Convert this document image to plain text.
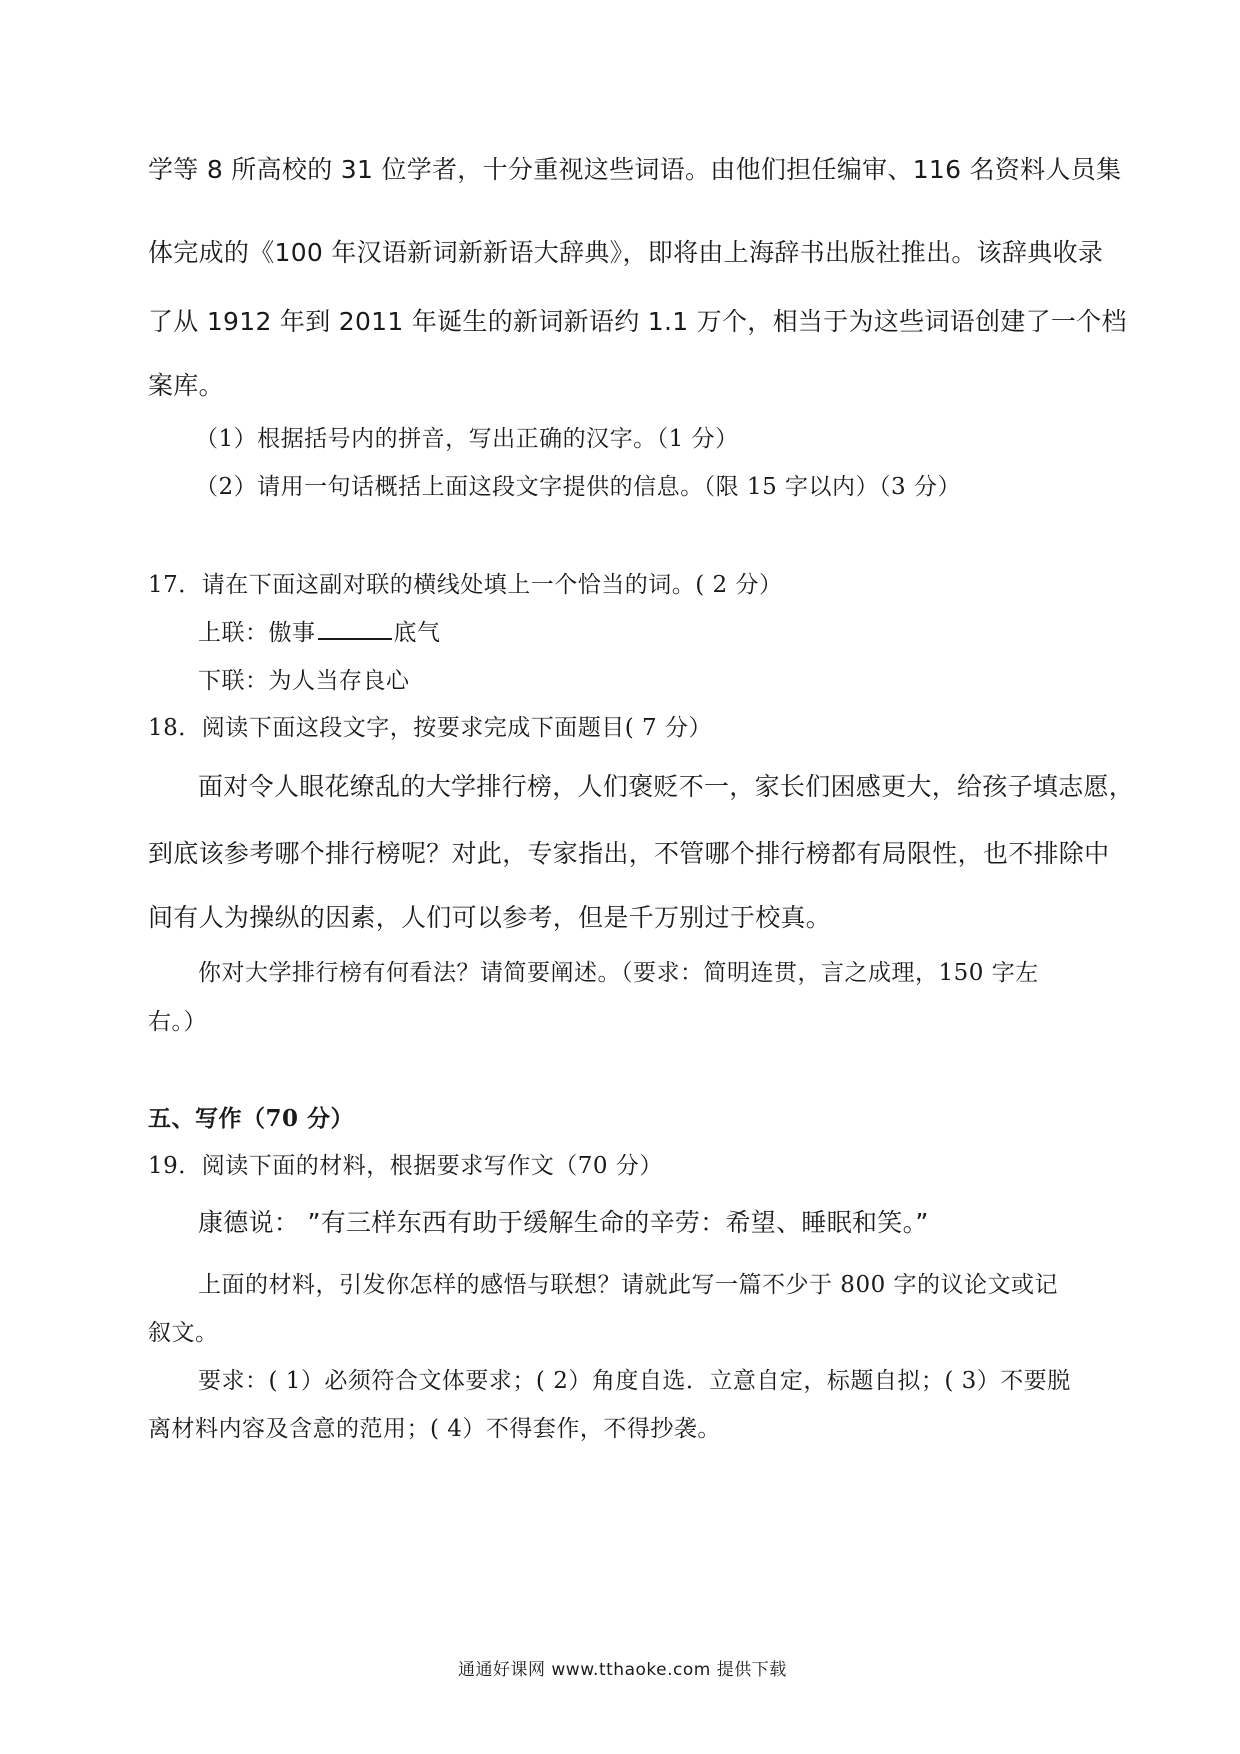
学等 8 所高校的 31 位学者，十分重视这些词语。由他们担任编审、116 名资料人员集
体完成的《100 年汉语新词新新语大辞典》，即将由上海辞书出版社推出。该辞典收录
了从 1912 年到 2011 年诞生的新词新语约 1.1 万个，相当于为这些词语创建了一个档
案库。
（1）根据括号内的拼音，写出正确的汉字。（1 分）
（2）请用一句话概括上面这段文字提供的信息。（限 15 字以内）（3 分）
17．请在下面这副对联的横线处填上一个恰当的词。( 2 分）
上联：傲事	底气
下联：为人当存良心
18．阅读下面这段文字，按要求完成下面题目( 7 分）
面对令人眼花缭乱的大学排行榜，人们褒贬不一，家长们困感更大，给孩子填志愿，
到底该参考哪个排行榜呢？对此，专家指出，不管哪个排行榜都有局限性，也不排除中
间有人为操纵的因素，人们可以参考，但是千万别过于校真。
你对大学排行榜有何看法？请简要阐述。（要求：简明连贯，言之成理，150 字左
右。）
五、写作（70 分）
19．阅读下面的材料，根据要求写作文（70 分）
康德说： ”有三样东西有助于缓解生命的辛劳：希望、睡眠和笑。”
上面的材料，引发你怎样的感悟与联想？请就此写一篇不少于 800 字的议论文或记
叙文。
要求：( 1）必须符合文体要求；( 2）角度自选．立意自定，标题自拟；( 3）不要脱
离材料内容及含意的范用；( 4）不得套作，不得抄袭。
通通好课网 www.tthaoke.com 提供下载
